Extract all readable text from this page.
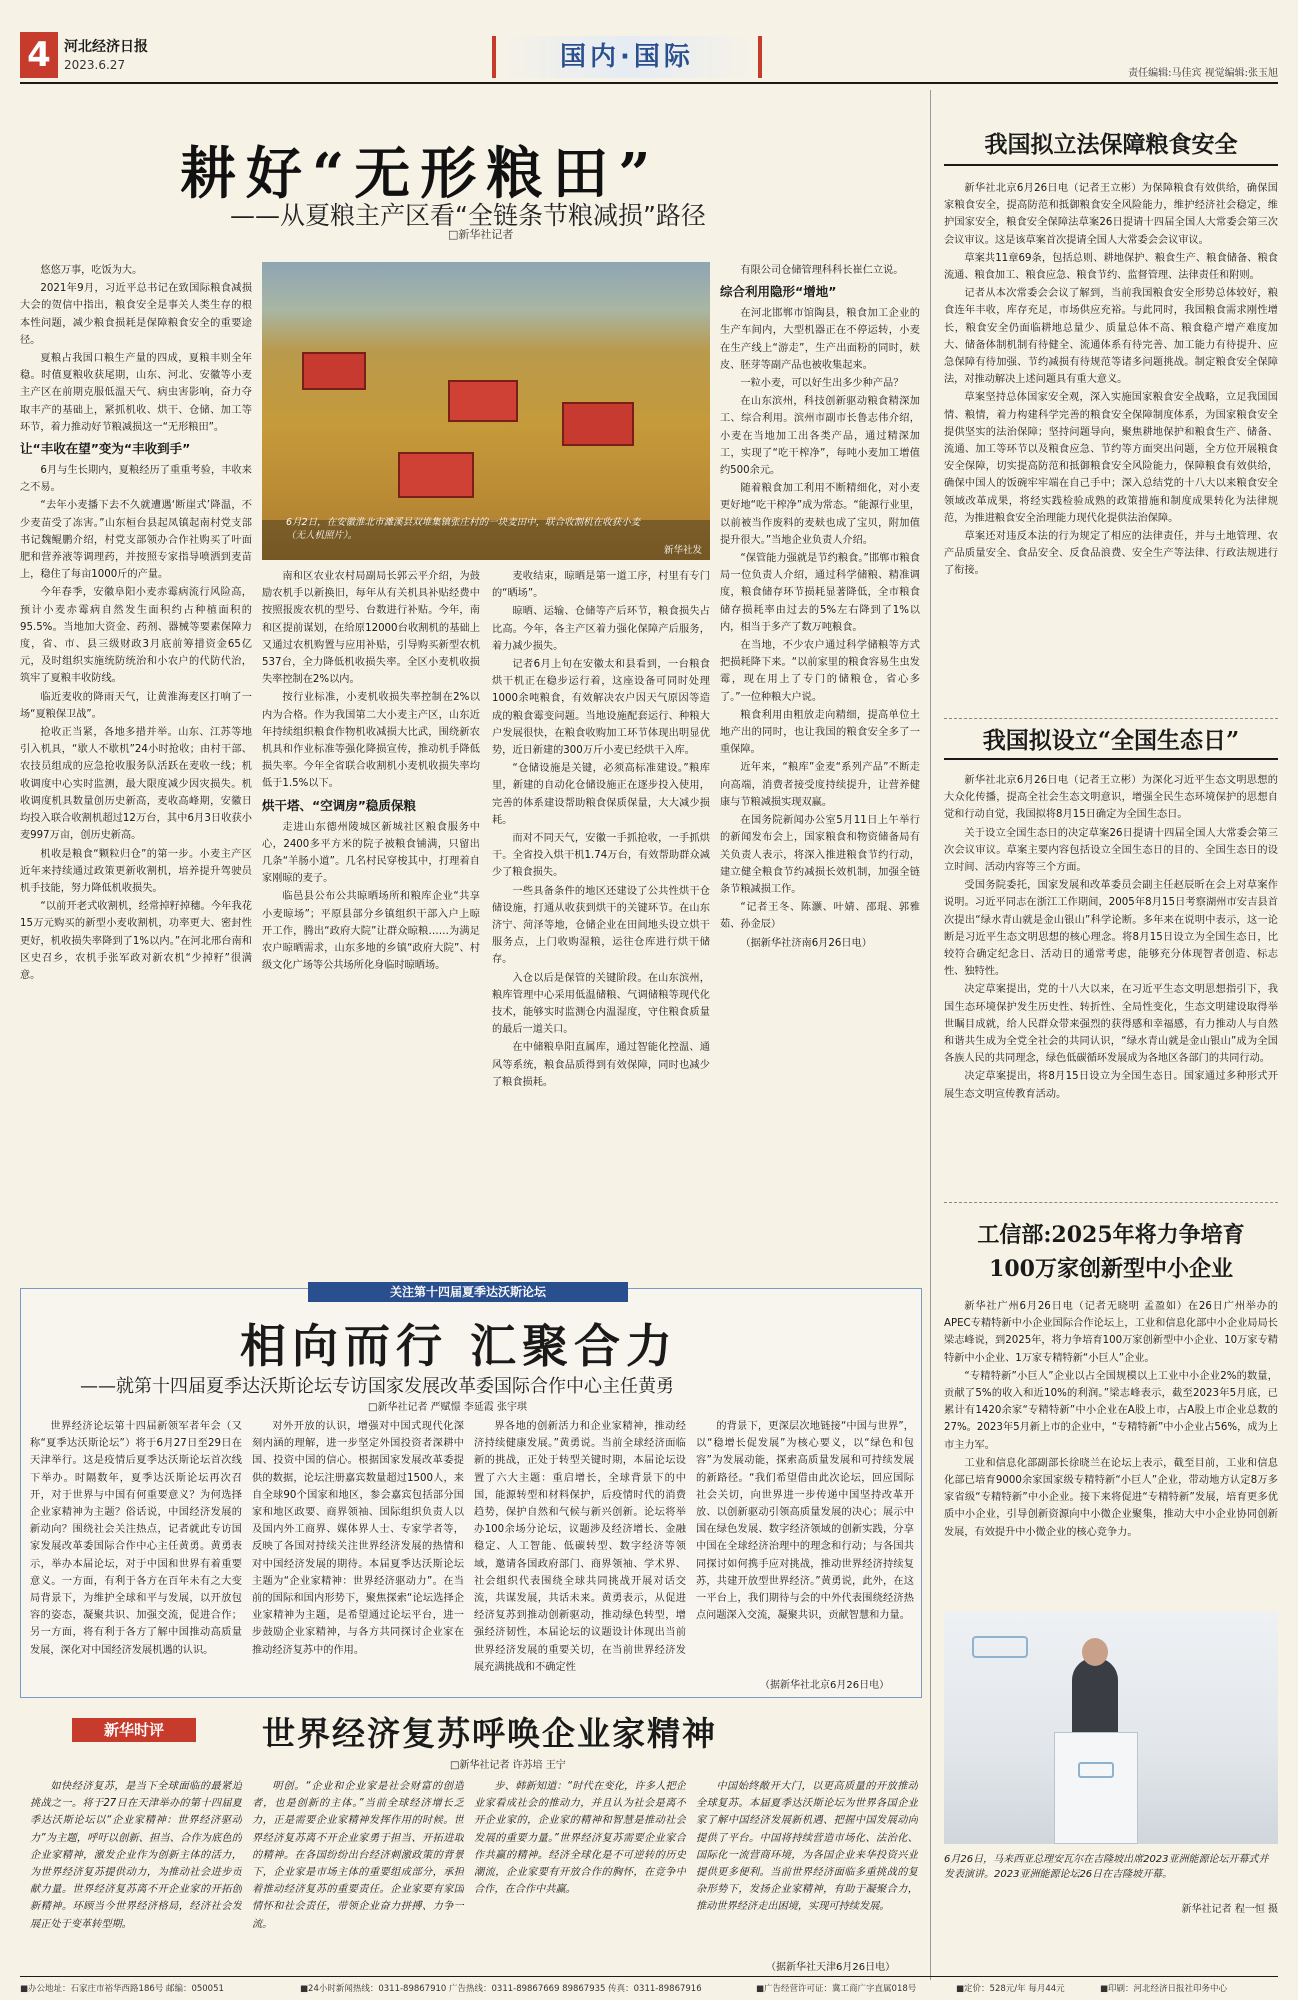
4 河北经济日报
2023.6.27	国内·国际
责任编辑:马佳宾 视觉编辑:张玉旭
耕好“无形粮田”
——从夏粮主产区看“全链条节粮减损”路径
□新华社记者
6月2日，在安徽淮北市濉溪县双堆集镇张庄村的一块麦田中，联合收割机在收获小麦（无人机照片）。
新华社发

悠悠万事，吃饭为大。

2021年9月，习近平总书记在致国际粮食减损大会的贺信中指出，粮食安全是事关人类生存的根本性问题，减少粮食损耗是保障粮食安全的重要途径。

夏粮占我国口粮生产量的四成，夏粮丰则全年稳。时值夏粮收获尾期，山东、河北、安徽等小麦主产区在前期克服低温天气、病虫害影响，奋力夺取丰产的基础上，紧抓机收、烘干、仓储、加工等环节，着力推动好节粮减损这一“无形粮田”。

让“丰收在望”变为“丰收到手”

6月与生长期内，夏粮经历了重重考验，丰收来之不易。

“去年小麦播下去不久就遭遇‘断崖式’降温，不少麦苗受了冻害。”山东桓台县起凤镇起南村党支部书记魏鲲鹏介绍，村党支部领办合作社购买了叶面肥和营养液等调理药，并按照专家指导喷洒到麦苗上，稳住了每亩1000斤的产量。

今年春季，安徽阜阳小麦赤霉病流行风险高，预计小麦赤霉病自然发生面积约占种植面积的95.5%。当地加大资金、药剂、器械等要素保障力度，省、市、县三级财政3月底前筹措资金65亿元，及时组织实施统防统治和小农户的代防代治，筑牢了夏粮丰收防线。

临近麦收的降雨天气，让黄淮海麦区打响了一场“夏粮保卫战”。

抢收正当紧，各地多措并举。山东、江苏等地引入机具，“歇人不歇机”24小时抢收；由村干部、农技员组成的应急抢收服务队活跃在麦收一线；机收调度中心实时监测，最大限度减少因灾损失。机收调度机具数量创历史新高，麦收高峰期，安徽日均投入联合收割机超过12万台，其中6月3日收获小麦997万亩，创历史新高。

机收是粮食“颗粒归仓”的第一步。小麦主产区近年来持续通过政策更新收割机，培养提升驾驶员机手技能，努力降低机收损失。

“以前开老式收割机，经常掉籽掉穗。今年我花15万元购买的新型小麦收割机，功率更大、密封性更好，机收损失率降到了1%以内。”在河北邢台南和区史召乡，农机手张军政对新农机“少掉籽”很满意。

南和区农业农村局副局长郭云平介绍，为鼓励农机手以新换旧，每年从有关机具补贴经费中按照报废农机的型号、台数进行补贴。今年，南和区提前谋划，在给原12000台收割机的基础上又通过农机购置与应用补贴，引导购买新型农机537台，全力降低机收损失率。全区小麦机收损失率控制在2%以内。

按行业标准，小麦机收损失率控制在2%以内为合格。作为我国第二大小麦主产区，山东近年持续组织粮食作物机收减损大比武，围绕新农机具和作业标准等强化降损宣传，推动机手降低损失率。今年全省联合收割机小麦机收损失率均低于1.5%以下。

烘干塔、“空调房”稳质保粮

走进山东德州陵城区新城社区粮食服务中心，2400多平方米的院子被粮食铺满，只留出几条“羊肠小道”。几名村民穿梭其中，打理着自家刚晾的麦子。

临邑县公布公共晾晒场所和粮库企业“共享小麦晾场”；平原县部分乡镇组织干部入户上晾开工作，腾出“政府大院”让群众晾粮……为满足农户晾晒需求，山东多地的乡镇“政府大院”、村级文化广场等公共场所化身临时晾晒场。

麦收结束，晾晒是第一道工序，村里有专门的“晒场”。

晾晒、运输、仓储等产后环节，粮食损失占比高。今年，各主产区着力强化保障产后服务，着力减少损失。

记者6月上旬在安徽太和县看到，一台粮食烘干机正在稳步运行着，这座设备可同时处理1000余吨粮食，有效解决农户因天气原因等造成的粮食霉变问题。当地设施配套运行、种粮大户发展很快，在粮食收购加工环节体现出明显优势，近日新建的300万斤小麦已经烘干入库。

“仓储设施是关键，必须高标准建设。”粮库里，新建的自动化仓储设施正在逐步投入使用，完善的体系建设帮助粮食保质保量，大大减少损耗。

而对不同天气，安徽一手抓抢收，一手抓烘干。全省投入烘干机1.74万台，有效帮助群众减少了粮食损失。

一些具备条件的地区还建设了公共性烘干仓储设施，打通从收获到烘干的关键环节。在山东济宁、菏泽等地，仓储企业在田间地头设立烘干服务点，上门收购湿粮，运往仓库进行烘干储存。

入仓以后是保管的关键阶段。在山东滨州，粮库管理中心采用低温储粮、气调储粮等现代化技术，能够实时监测仓内温湿度，守住粮食质量的最后一道关口。

在中储粮阜阳直属库，通过智能化控温、通风等系统，粮食品质得到有效保障，同时也减少了粮食损耗。

有限公司仓储管理科科长崔仁立说。

综合利用隐形“增地”

在河北邯郸市馆陶县，粮食加工企业的生产车间内，大型机器正在不停运转，小麦在生产线上“游走”，生产出面粉的同时，麸皮、胚芽等副产品也被收集起来。

一粒小麦，可以好生出多少种产品？

在山东滨州，科技创新驱动粮食精深加工、综合利用。滨州市副市长鲁志伟介绍，小麦在当地加工出各类产品，通过精深加工，实现了“吃干榨净”，每吨小麦加工增值约500余元。

随着粮食加工利用不断精细化，对小麦更好地“吃干榨净”成为常态。“能源行业里，以前被当作废料的麦麸也成了宝贝，附加值提升很大。”当地企业负责人介绍。

“保管能力强就是节约粮食。”邯郸市粮食局一位负责人介绍，通过科学储粮、精准调度，粮食储存环节损耗显著降低，全市粮食储存损耗率由过去的5%左右降到了1%以内，相当于多产了数万吨粮食。

在当地，不少农户通过科学储粮等方式把损耗降下来。“以前家里的粮食容易生虫发霉，现在用上了专门的储粮仓，省心多了。”一位种粮大户说。

粮食利用由粗放走向精细，提高单位土地产出的同时，也让我国的粮食安全多了一重保障。

近年来，“粮库”金麦“系列产品”不断走向高端，消费者接受度持续提升，让营养健康与节粮减损实现双赢。

在国务院新闻办公室5月11日上午举行的新闻发布会上，国家粮食和物资储备局有关负责人表示，将深入推进粮食节约行动，建立健全粮食节约减损长效机制，加强全链条节粮减损工作。

“记者王冬、陈灏、叶婧、邵琨、郭雅茹、孙金辰）

（据新华社济南6月26日电）

我国拟立法保障粮食安全

新华社北京6月26日电（记者王立彬）为保障粮食有效供给，确保国家粮食安全，提高防范和抵御粮食安全风险能力，维护经济社会稳定，维护国家安全，粮食安全保障法草案26日提请十四届全国人大常委会第三次会议审议。这是该草案首次提请全国人大常委会会议审议。

草案共11章69条，包括总则、耕地保护、粮食生产、粮食储备、粮食流通、粮食加工、粮食应急、粮食节约、监督管理、法律责任和附则。

记者从本次常委会会议了解到，当前我国粮食安全形势总体较好，粮食连年丰收，库存充足，市场供应充裕。与此同时，我国粮食需求刚性增长，粮食安全仍面临耕地总量少、质量总体不高、粮食稳产增产难度加大、储备体制机制有待健全、流通体系有待完善、加工能力有待提升、应急保障有待加强、节约减损有待规范等诸多问题挑战。制定粮食安全保障法，对推动解决上述问题具有重大意义。

草案坚持总体国家安全观，深入实施国家粮食安全战略，立足我国国情、粮情，着力构建科学完善的粮食安全保障制度体系，为国家粮食安全提供坚实的法治保障；坚持问题导向，聚焦耕地保护和粮食生产、储备、流通、加工等环节以及粮食应急、节约等方面突出问题，全方位开展粮食安全保障，切实提高防范和抵御粮食安全风险能力，保障粮食有效供给，确保中国人的饭碗牢牢端在自己手中；深入总结党的十八大以来粮食安全领域改革成果，将经实践检验成熟的政策措施和制度成果转化为法律规范，为推进粮食安全治理能力现代化提供法治保障。

草案还对违反本法的行为规定了相应的法律责任，并与土地管理、农产品质量安全、食品安全、反食品浪费、安全生产等法律、行政法规进行了衔接。

我国拟设立“全国生态日”

新华社北京6月26日电（记者王立彬）为深化习近平生态文明思想的大众化传播，提高全社会生态文明意识，增强全民生态环境保护的思想自觉和行动自觉，我国拟将8月15日确定为全国生态日。

关于设立全国生态日的决定草案26日提请十四届全国人大常委会第三次会议审议。草案主要内容包括设立全国生态日的目的、全国生态日的设立时间、活动内容等三个方面。

受国务院委托，国家发展和改革委员会副主任赵辰昕在会上对草案作说明。习近平同志在浙江工作期间，2005年8月15日考察湖州市安吉县首次提出“绿水青山就是金山银山”科学论断。多年来在说明中表示，这一论断是习近平生态文明思想的核心理念。将8月15日设立为全国生态日，比较符合确定纪念日、活动日的通常考虑，能够充分体现智者创造、标志性、独特性。

决定草案提出，党的十八大以来，在习近平生态文明思想指引下，我国生态环境保护发生历史性、转折性、全局性变化，生态文明建设取得举世瞩目成就，给人民群众带来强烈的获得感和幸福感，有力推动人与自然和谐共生成为全党全社会的共同认识，“绿水青山就是金山银山”成为全国各族人民的共同理念，绿色低碳循环发展成为各地区各部门的共同行动。

决定草案提出，将8月15日设立为全国生态日。国家通过多种形式开展生态文明宣传教育活动。

工信部:2025年将力争培育
100万家创新型中小企业

新华社广州6月26日电（记者无晓明 孟盈如）在26日广州举办的APEC专精特新中小企业国际合作论坛上，工业和信息化部中小企业局局长梁志峰说，到2025年，将力争培育100万家创新型中小企业、10万家专精特新中小企业、1万家专精特新“小巨人”企业。

“专精特新”小巨人”企业以占全国规模以上工业中小企业2%的数量，贡献了5%的收入和近10%的利润。”梁志峰表示，截至2023年5月底，已累计有1420余家“专精特新”中小企业在A股上市，占A股上市企业总数的27%。2023年5月新上市的企业中，“专精特新”中小企业占56%，成为上市主力军。

工业和信息化部副部长徐晓兰在论坛上表示，截至目前，工业和信息化部已培育9000余家国家级专精特新“小巨人”企业，带动地方认定8万多家省级“专精特新”中小企业。接下来将促进“专精特新”发展，培育更多优质中小企业，引导创新资源向中小微企业聚集，推动大中小企业协同创新发展，有效提升中小微企业的核心竞争力。

6月26日，马来西亚总理安瓦尔在吉隆坡出席2023亚洲能源论坛开幕式并发表演讲。2023亚洲能源论坛26日在吉隆坡开幕。
新华社记者 程一恒 摄
关注第十四届夏季达沃斯论坛
相向而行 汇聚合力
——就第十四届夏季达沃斯论坛专访国家发展改革委国际合作中心主任黄勇
□新华社记者 严赋憬 李延霞 张宇琪

世界经济论坛第十四届新领军者年会（又称“夏季达沃斯论坛”）将于6月27日至29日在天津举行。这是疫情后夏季达沃斯论坛首次线下举办。时隔数年，夏季达沃斯论坛再次召开，对于世界与中国有何重要意义？为何选择企业家精神为主题？俗话说，中国经济发展的新动向？围绕社会关注热点，记者就此专访国家发展改革委国际合作中心主任黄勇。黄勇表示，举办本届论坛，对于中国和世界有着重要意义。一方面，有利于各方在百年未有之大变局背景下，为维护全球和平与发展，以开放包容的姿态，凝聚共识、加强交流，促进合作；另一方面，将有利于各方了解中国推动高质量发展，深化对中国经济发展机遇的认识。

对外开放的认识，增强对中国式现代化深刻内涵的理解，进一步坚定外国投资者深耕中国、投资中国的信心。根据国家发展改革委提供的数据，论坛注册嘉宾数量超过1500人，来自全球90个国家和地区，参会嘉宾包括部分国家和地区政要、商界领袖、国际组织负责人以及国内外工商界、媒体界人士、专家学者等，反映了各国对持续关注世界经济发展的热情和对中国经济发展的期待。本届夏季达沃斯论坛主题为“企业家精神：世界经济驱动力”。在当前的国际和国内形势下，聚焦探索“论坛选择企业家精神为主题，是希望通过论坛平台，进一步鼓励企业家精神，与各方共同探讨企业家在推动经济复苏中的作用。

界各地的创新活力和企业家精神，推动经济持续健康发展。”黄勇说。当前全球经济面临新的挑战，正处于转型关键时期，本届论坛设置了六大主题：重启增长，全球背景下的中国，能源转型和材料保护，后疫情时代的消费趋势，保护自然和气候与新兴创新。论坛将举办100余场分论坛，议题涉及经济增长、金融稳定、人工智能、低碳转型、数字经济等领域，邀请各国政府部门、商界领袖、学术界、社会组织代表围绕全球共同挑战开展对话交流，共谋发展，共话未来。黄勇表示，从促进经济复苏到推动创新驱动，推动绿色转型，增强经济韧性，本届论坛的议题设计体现出当前世界经济发展的重要关切，在当前世界经济发展充满挑战和不确定性

的背景下，更深层次地链接“中国与世界”，以“稳增长促发展”为核心要义，以“绿色和包容”为发展动能，探索高质量发展和可持续发展的新路径。“我们希望借由此次论坛，回应国际社会关切，向世界进一步传递中国坚持改革开放、以创新驱动引领高质量发展的决心；展示中国在绿色发展、数字经济领域的创新实践，分享中国在全球经济治理中的理念和行动；与各国共同探讨如何携手应对挑战，推动世界经济持续复苏，共建开放型世界经济。”黄勇说，此外，在这一平台上，我们期待与会的中外代表围绕经济热点问题深入交流，凝聚共识，贡献智慧和力量。

（据新华社北京6月26日电）
新华时评	世界经济复苏呼唤企业家精神
□新华社记者 许苏培 王宁

如快经济复苏，是当下全球面临的最紧迫挑战之一。将于27日在天津举办的第十四届夏季达沃斯论坛以“企业家精神：世界经济驱动力”为主题，呼吁以创新、担当、合作为底色的企业家精神，激发企业作为创新主体的活力，为世界经济复苏提供动力，为推动社会进步贡献力量。世界经济复苏离不开企业家的开拓创新精神。环顾当今世界经济格局，经济社会发展正处于变革转型期。

明创。“企业和企业家是社会财富的创造者，也是创新的主体。”当前全球经济增长乏力，正是需要企业家精神发挥作用的时候。世界经济复苏离不开企业家勇于担当、开拓进取的精神。在各国纷纷出台经济刺激政策的背景下，企业家是市场主体的重要组成部分，承担着推动经济复苏的重要责任。企业家要有家国情怀和社会责任，带领企业奋力拼搏、力争一流。

步、韩新知道：“时代在变化，许多人把企业家看成社会的推动力，并且认为社会是离不开企业家的，企业家的精神和智慧是推动社会发展的重要力量。”世界经济复苏需要企业家合作共赢的精神。经济全球化是不可逆转的历史潮流，企业家要有开放合作的胸怀，在竞争中合作，在合作中共赢。

中国始终敞开大门，以更高质量的开放推动全球复苏。本届夏季达沃斯论坛为世界各国企业家了解中国经济发展新机遇、把握中国发展动向提供了平台。中国将持续营造市场化、法治化、国际化一流营商环境，为各国企业来华投资兴业提供更多便利。当前世界经济面临多重挑战的复杂形势下，发扬企业家精神，有助于凝聚合力，推动世界经济走出困境，实现可持续发展。

（据新华社天津6月26日电）
■办公地址：石家庄市裕华西路186号 邮编：050051	■24小时新闻热线：0311-89867910 广告热线：0311-89867669 89867935 传真：0311-89867916	■广告经营许可证：冀工商广字直属018号	■定价：528元/年 每月44元	■印刷：河北经济日报社印务中心
